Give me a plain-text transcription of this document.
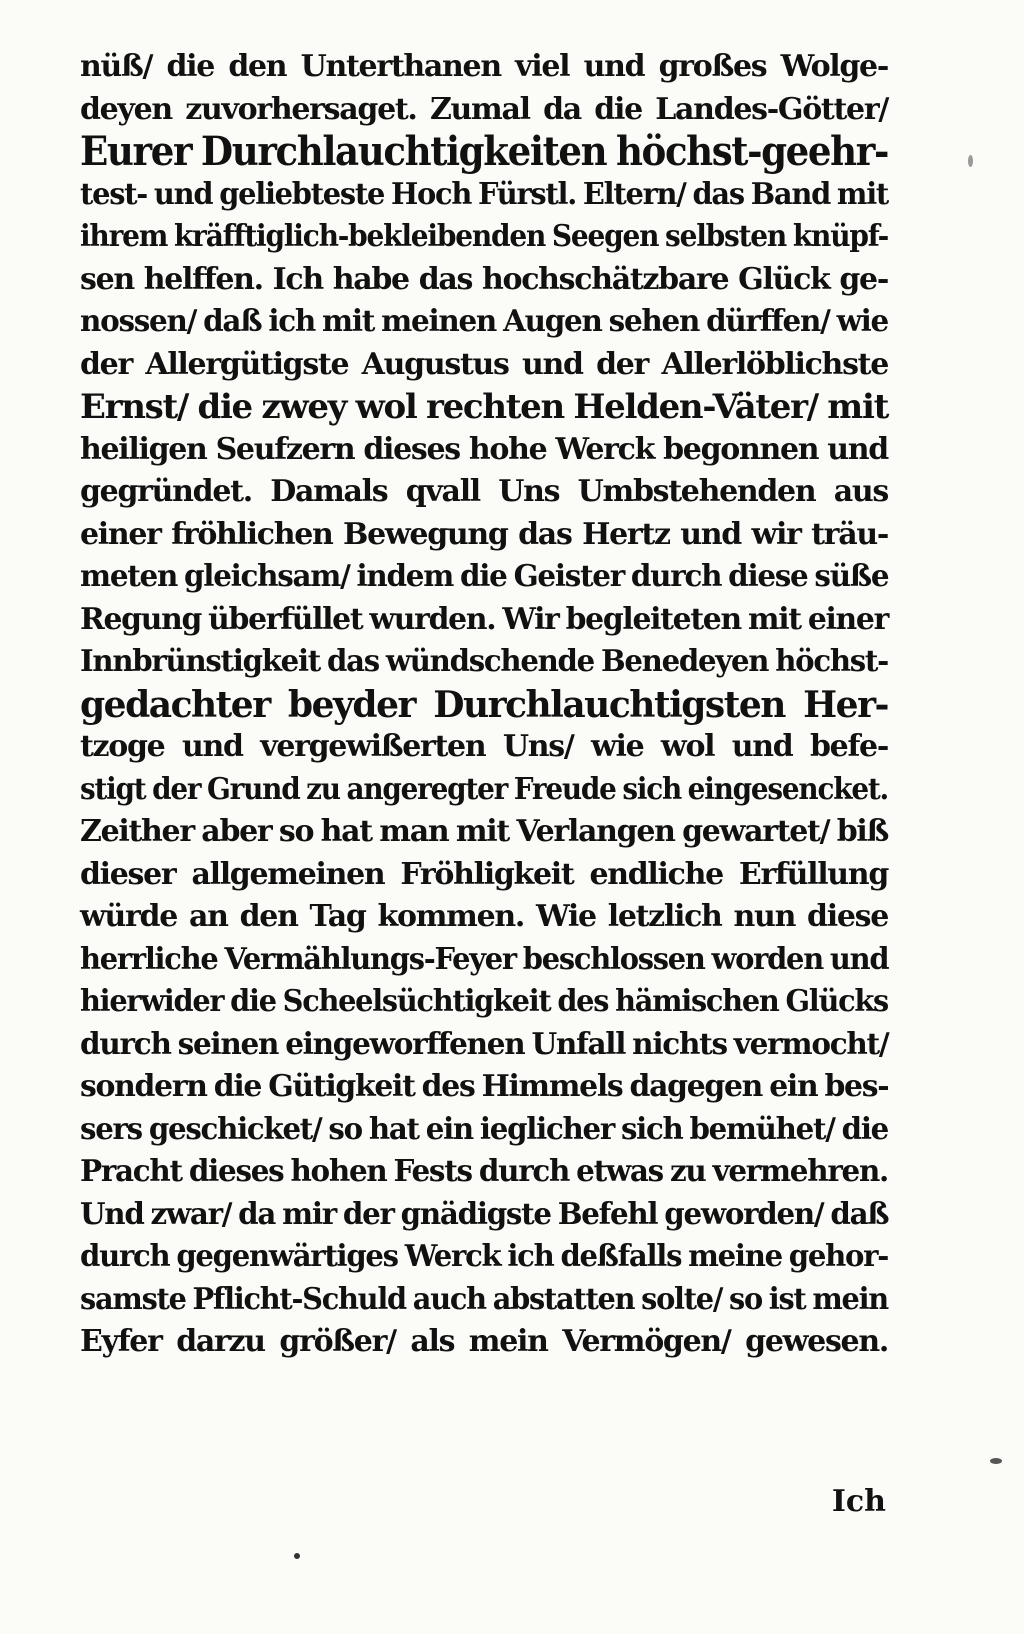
nüß/ die den Unterthanen viel und großes Wolge-
deyen zuvorhersaget. Zumal da die Landes-Götter/
Eurer Durchlauchtigkeiten höchst-geehr-
test- und geliebteste Hoch Fürstl. Eltern/ das Band mit
ihrem kräfftiglich-bekleibenden Seegen selbsten knüpf-
sen helffen. Ich habe das hochschätzbare Glück ge-
nossen/ daß ich mit meinen Augen sehen dürffen/ wie
der Allergütigste Augustus und der Allerlöblichste
Ernst/ die zwey wol rechten Helden-Väter/ mit
heiligen Seufzern dieses hohe Werck begonnen und
gegründet. Damals qvall Uns Umbstehenden aus
einer fröhlichen Bewegung das Hertz und wir träu-
meten gleichsam/ indem die Geister durch diese süße
Regung überfüllet wurden. Wir begleiteten mit einer
Innbrünstigkeit das wündschende Benedeyen höchst-
gedachter beyder Durchlauchtigsten Her-
tzoge und vergewißerten Uns/ wie wol und befe-
stigt der Grund zu angeregter Freude sich eingesencket.
Zeither aber so hat man mit Verlangen gewartet/ biß
dieser allgemeinen Fröhligkeit endliche Erfüllung
würde an den Tag kommen. Wie letzlich nun diese
herrliche Vermählungs-Feyer beschlossen worden und
hierwider die Scheelsüchtigkeit des hämischen Glücks
durch seinen eingeworffenen Unfall nichts vermocht/
sondern die Gütigkeit des Himmels dagegen ein bes-
sers geschicket/ so hat ein ieglicher sich bemühet/ die
Pracht dieses hohen Fests durch etwas zu vermehren.
Und zwar/ da mir der gnädigste Befehl geworden/ daß
durch gegenwärtiges Werck ich deßfalls meine gehor-
samste Pflicht-Schuld auch abstatten solte/ so ist mein
Eyfer darzu größer/ als mein Vermögen/ gewesen.
Ich
